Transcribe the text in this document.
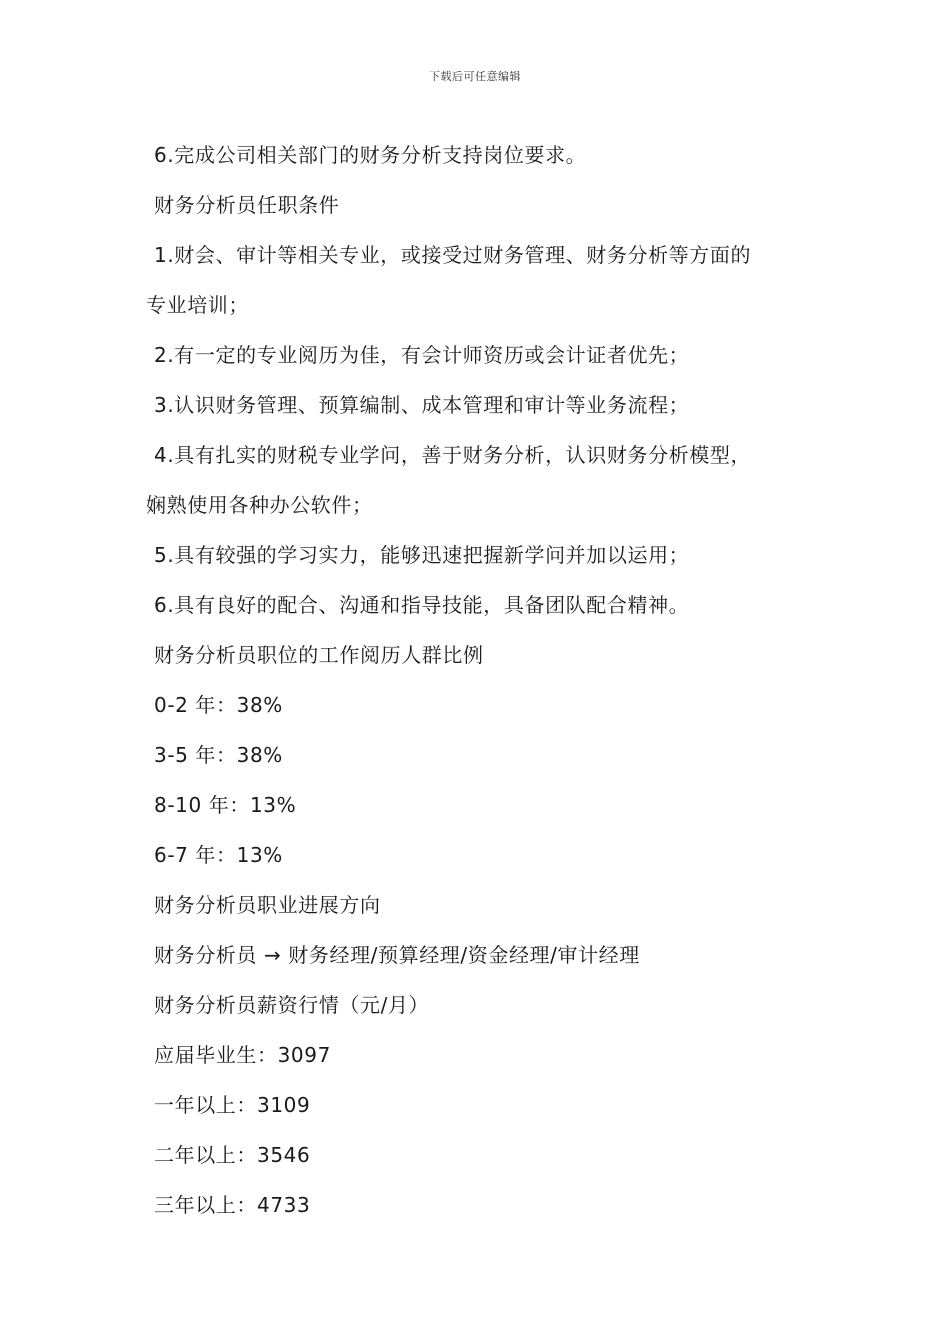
下载后可任意编辑
6.完成公司相关部门的财务分析支持岗位要求。
财务分析员任职条件
1.财会、审计等相关专业，或接受过财务管理、财务分析等方面的
专业培训；
2.有一定的专业阅历为佳，有会计师资历或会计证者优先；
3.认识财务管理、预算编制、成本管理和审计等业务流程；
4.具有扎实的财税专业学问，善于财务分析，认识财务分析模型，
娴熟使用各种办公软件；
5.具有较强的学习实力，能够迅速把握新学问并加以运用；
6.具有良好的配合、沟通和指导技能，具备团队配合精神。
财务分析员职位的工作阅历人群比例
0-2 年：38%
3-5 年：38%
8-10 年：13%
6-7 年：13%
财务分析员职业进展方向
财务分析员 → 财务经理/预算经理/资金经理/审计经理
财务分析员薪资行情（元/月）
应届毕业生：3097
一年以上：3109
二年以上：3546
三年以上：4733
